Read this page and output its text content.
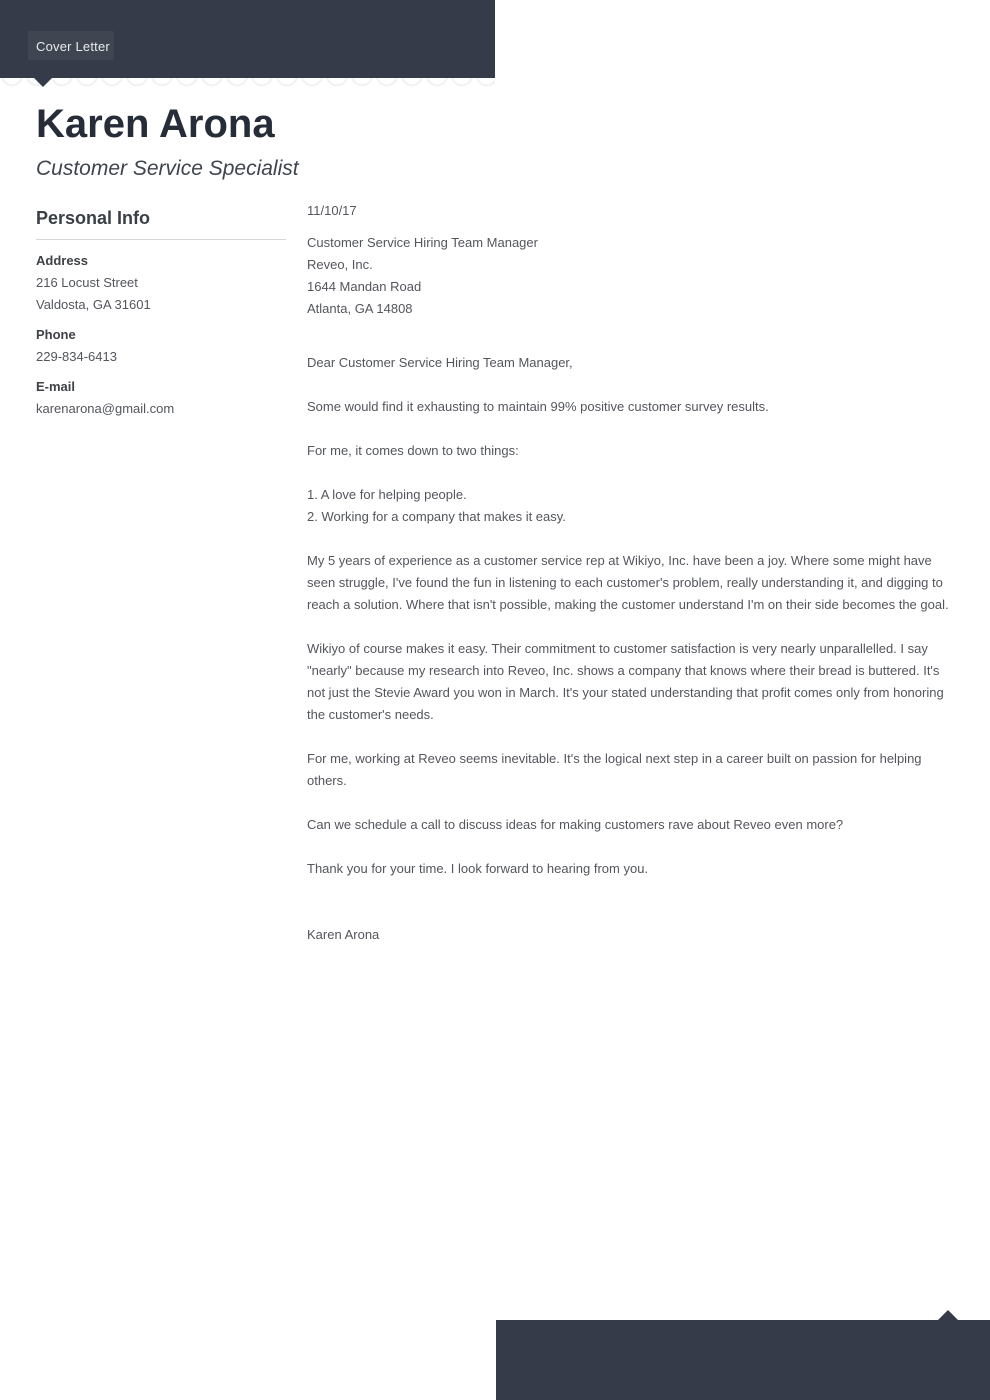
Cover Letter
Karen Arona
Customer Service Specialist
Personal Info
Address
216 Locust Street
Valdosta, GA 31601
Phone
229-834-6413
E-mail
karenarona@gmail.com

11/10/17

Customer Service Hiring Team Manager
Reveo, Inc.
1644 Mandan Road
Atlanta, GA 14808

Dear Customer Service Hiring Team Manager,

Some would find it exhausting to maintain 99% positive customer survey results.

For me, it comes down to two things:

1. A love for helping people.
2. Working for a company that makes it easy.

My 5 years of experience as a customer service rep at Wikiyo, Inc. have been a joy. Where some might have seen struggle, I've found the fun in listening to each customer's problem, really understanding it, and digging to reach a solution. Where that isn't possible, making the customer understand I'm on their side becomes the goal.

Wikiyo of course makes it easy. Their commitment to customer satisfaction is very nearly unparallelled. I say "nearly" because my research into Reveo, Inc. shows a company that knows where their bread is buttered. It's not just the Stevie Award you won in March. It's your stated understanding that profit comes only from honoring the customer's needs.

For me, working at Reveo seems inevitable. It's the logical next step in a career built on passion for helping others.

Can we schedule a call to discuss ideas for making customers rave about Reveo even more?

Thank you for your time. I look forward to hearing from you.

Karen Arona
